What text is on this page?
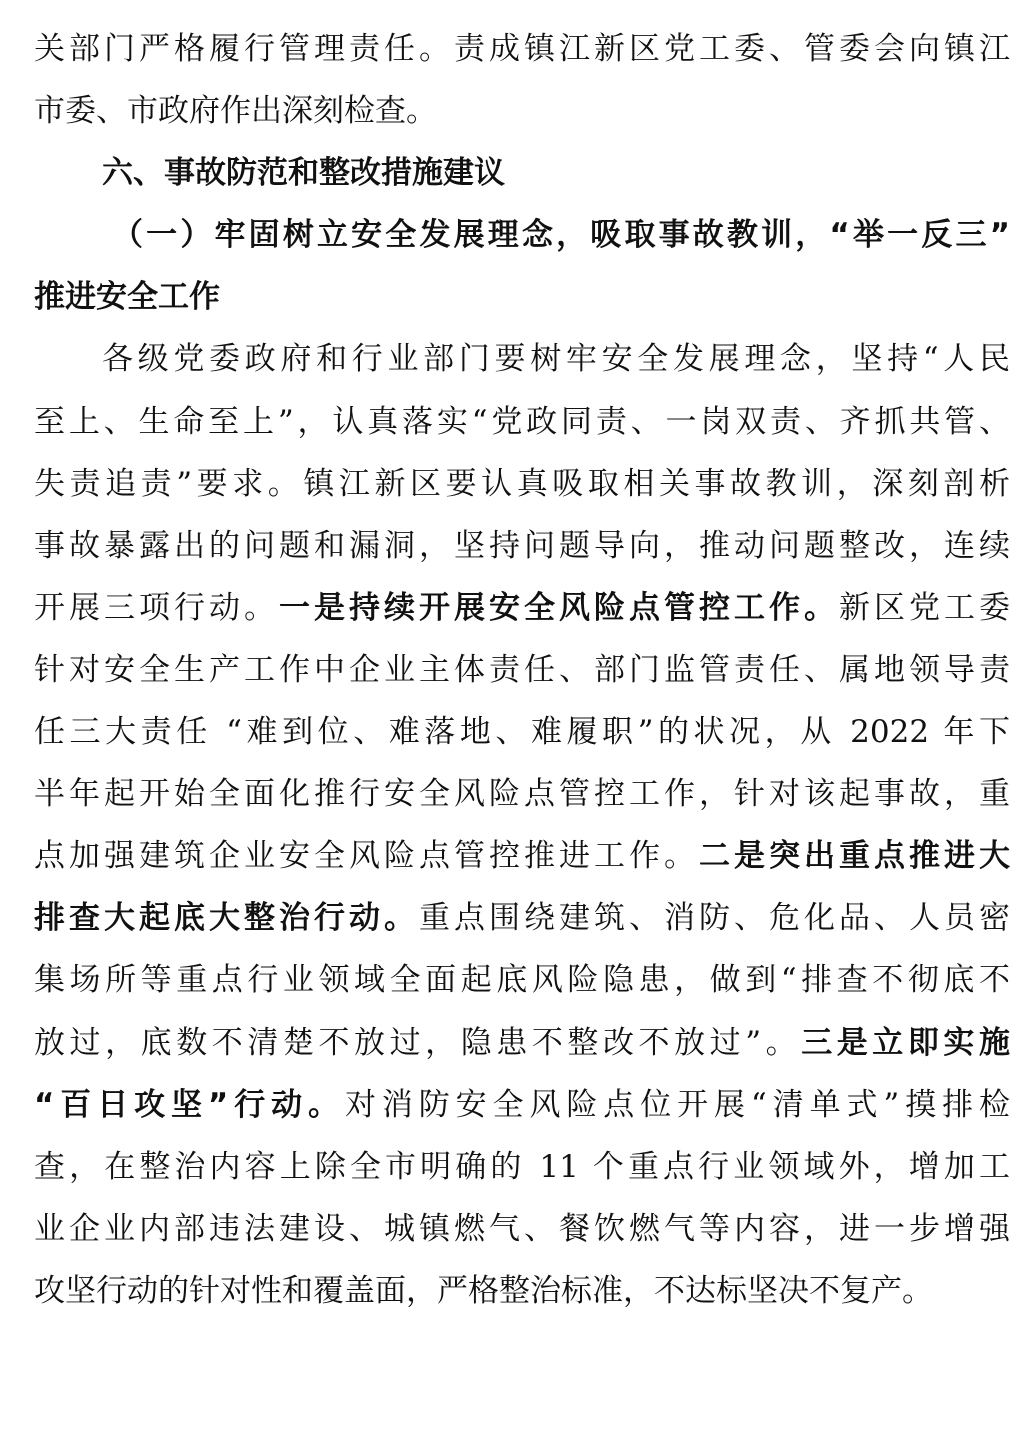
关部门严格履行管理责任。责成镇江新区党工委、管委会向镇江
市委、市政府作出深刻检查。
六、事故防范和整改措施建议
（一）牢固树立安全发展理念，吸取事故教训，“举一反三”
推进安全工作
各级党委政府和行业部门要树牢安全发展理念，坚持“人民
至上、生命至上”，认真落实“党政同责、一岗双责、齐抓共管、
失责追责”要求。镇江新区要认真吸取相关事故教训，深刻剖析
事故暴露出的问题和漏洞，坚持问题导向，推动问题整改，连续
开展三项行动。一是持续开展安全风险点管控工作。新区党工委
针对安全生产工作中企业主体责任、部门监管责任、属地领导责
任三大责任 “难到位、难落地、难履职”的状况，从 2022 年下
半年起开始全面化推行安全风险点管控工作，针对该起事故，重
点加强建筑企业安全风险点管控推进工作。二是突出重点推进大
排查大起底大整治行动。重点围绕建筑、消防、危化品、人员密
集场所等重点行业领域全面起底风险隐患，做到“排查不彻底不
放过，底数不清楚不放过，隐患不整改不放过”。三是立即实施
“百日攻坚”行动。对消防安全风险点位开展“清单式”摸排检
查，在整治内容上除全市明确的 11 个重点行业领域外，增加工
业企业内部违法建设、城镇燃气、餐饮燃气等内容，进一步增强
攻坚行动的针对性和覆盖面，严格整治标准，不达标坚决不复产。
